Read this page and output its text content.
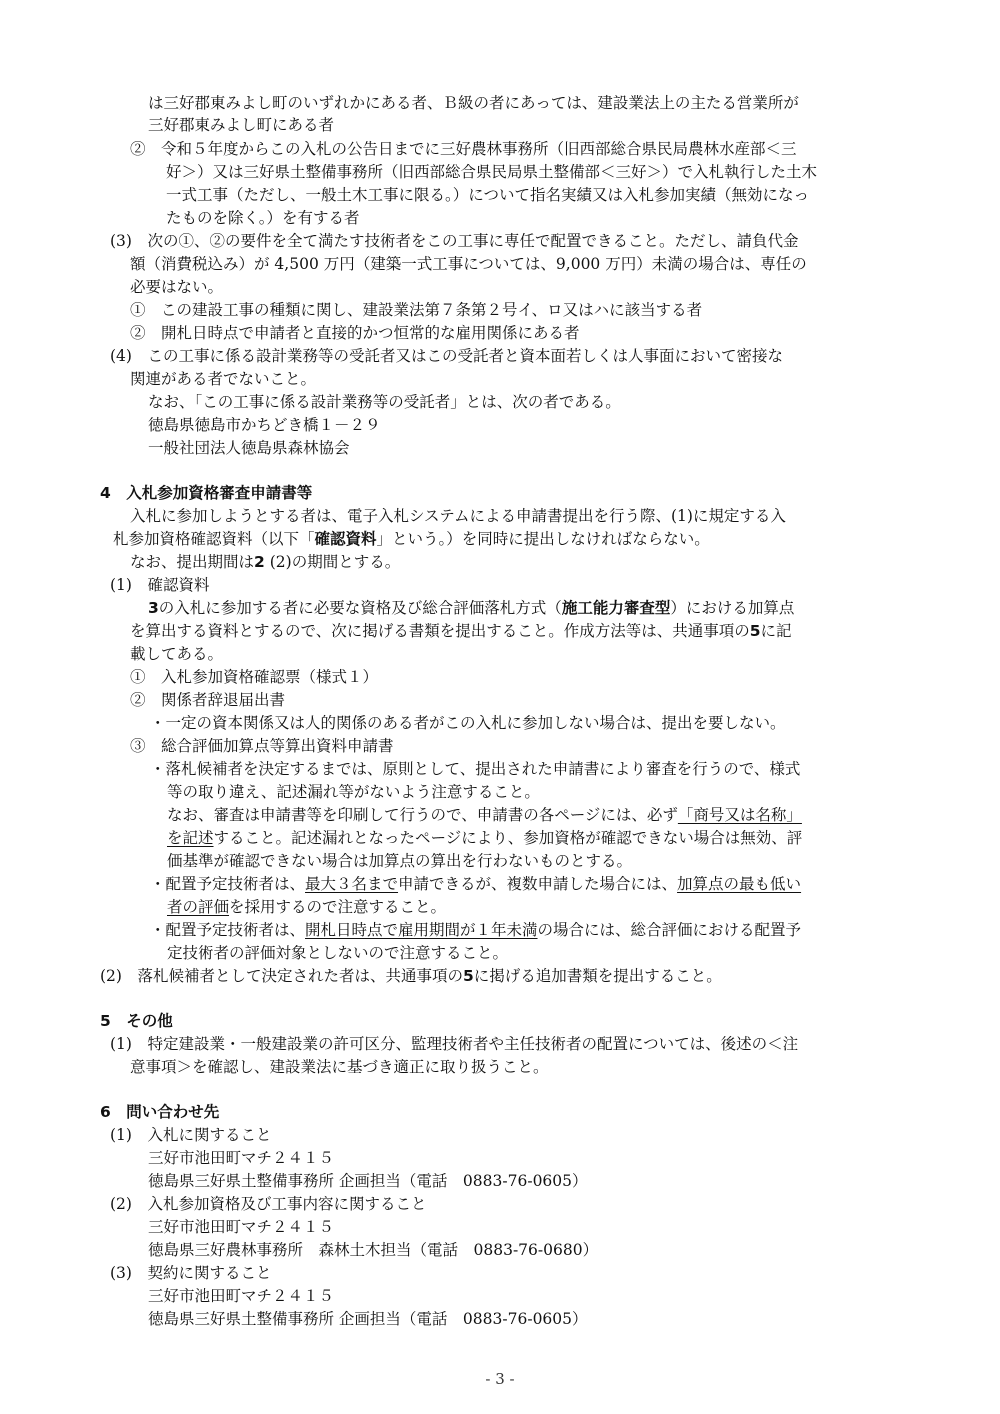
は三好郡東みよし町のいずれかにある者、Ｂ級の者にあっては、建設業法上の主たる営業所が
三好郡東みよし町にある者
②　令和５年度からこの入札の公告日までに三好農林事務所（旧西部総合県民局農林水産部＜三
好＞）又は三好県土整備事務所（旧西部総合県民局県土整備部＜三好＞）で入札執行した土木
一式工事（ただし、一般土木工事に限る。）について指名実績又は入札参加実績（無効になっ
たものを除く。）を有する者
(3)　次の①、②の要件を全て満たす技術者をこの工事に専任で配置できること。ただし、請負代金
額（消費税込み）が 4,500 万円（建築一式工事については、9,000 万円）未満の場合は、専任の
必要はない。
①　この建設工事の種類に関し、建設業法第７条第２号イ、ロ又はハに該当する者
②　開札日時点で申請者と直接的かつ恒常的な雇用関係にある者
(4)　この工事に係る設計業務等の受託者又はこの受託者と資本面若しくは人事面において密接な
関連がある者でないこと。
なお、「この工事に係る設計業務等の受託者」とは、次の者である。
徳島県徳島市かちどき橋１－２９
一般社団法人徳島県森林協会
4　入札参加資格審査申請書等
入札に参加しようとする者は、電子入札システムによる申請書提出を行う際、(1)に規定する入
札参加資格確認資料（以下「確認資料」という。）を同時に提出しなければならない。
なお、提出期間は2 (2)の期間とする。
(1)　確認資料
3の入札に参加する者に必要な資格及び総合評価落札方式（施工能力審査型）における加算点
を算出する資料とするので、次に掲げる書類を提出すること。作成方法等は、共通事項の5に記
載してある。
①　入札参加資格確認票（様式１）
②　関係者辞退届出書
・一定の資本関係又は人的関係のある者がこの入札に参加しない場合は、提出を要しない。
③　総合評価加算点等算出資料申請書
・落札候補者を決定するまでは、原則として、提出された申請書により審査を行うので、様式
等の取り違え、記述漏れ等がないよう注意すること。
なお、審査は申請書等を印刷して行うので、申請書の各ページには、必ず「商号又は名称」
を記述すること。記述漏れとなったページにより、参加資格が確認できない場合は無効、評
価基準が確認できない場合は加算点の算出を行わないものとする。
・配置予定技術者は、最大３名まで申請できるが、複数申請した場合には、加算点の最も低い
者の評価を採用するので注意すること。
・配置予定技術者は、開札日時点で雇用期間が１年未満の場合には、総合評価における配置予
定技術者の評価対象としないので注意すること。
(2)　落札候補者として決定された者は、共通事項の5に掲げる追加書類を提出すること。
5　その他
(1)　特定建設業・一般建設業の許可区分、監理技術者や主任技術者の配置については、後述の＜注
意事項＞を確認し、建設業法に基づき適正に取り扱うこと。
6　問い合わせ先
(1)　入札に関すること
三好市池田町マチ２４１５
徳島県三好県土整備事務所 企画担当（電話　0883-76-0605）
(2)　入札参加資格及び工事内容に関すること
三好市池田町マチ２４１５
徳島県三好農林事務所　森林土木担当（電話　0883-76-0680）
(3)　契約に関すること
三好市池田町マチ２４１５
徳島県三好県土整備事務所 企画担当（電話　0883-76-0605）
- 3 -
